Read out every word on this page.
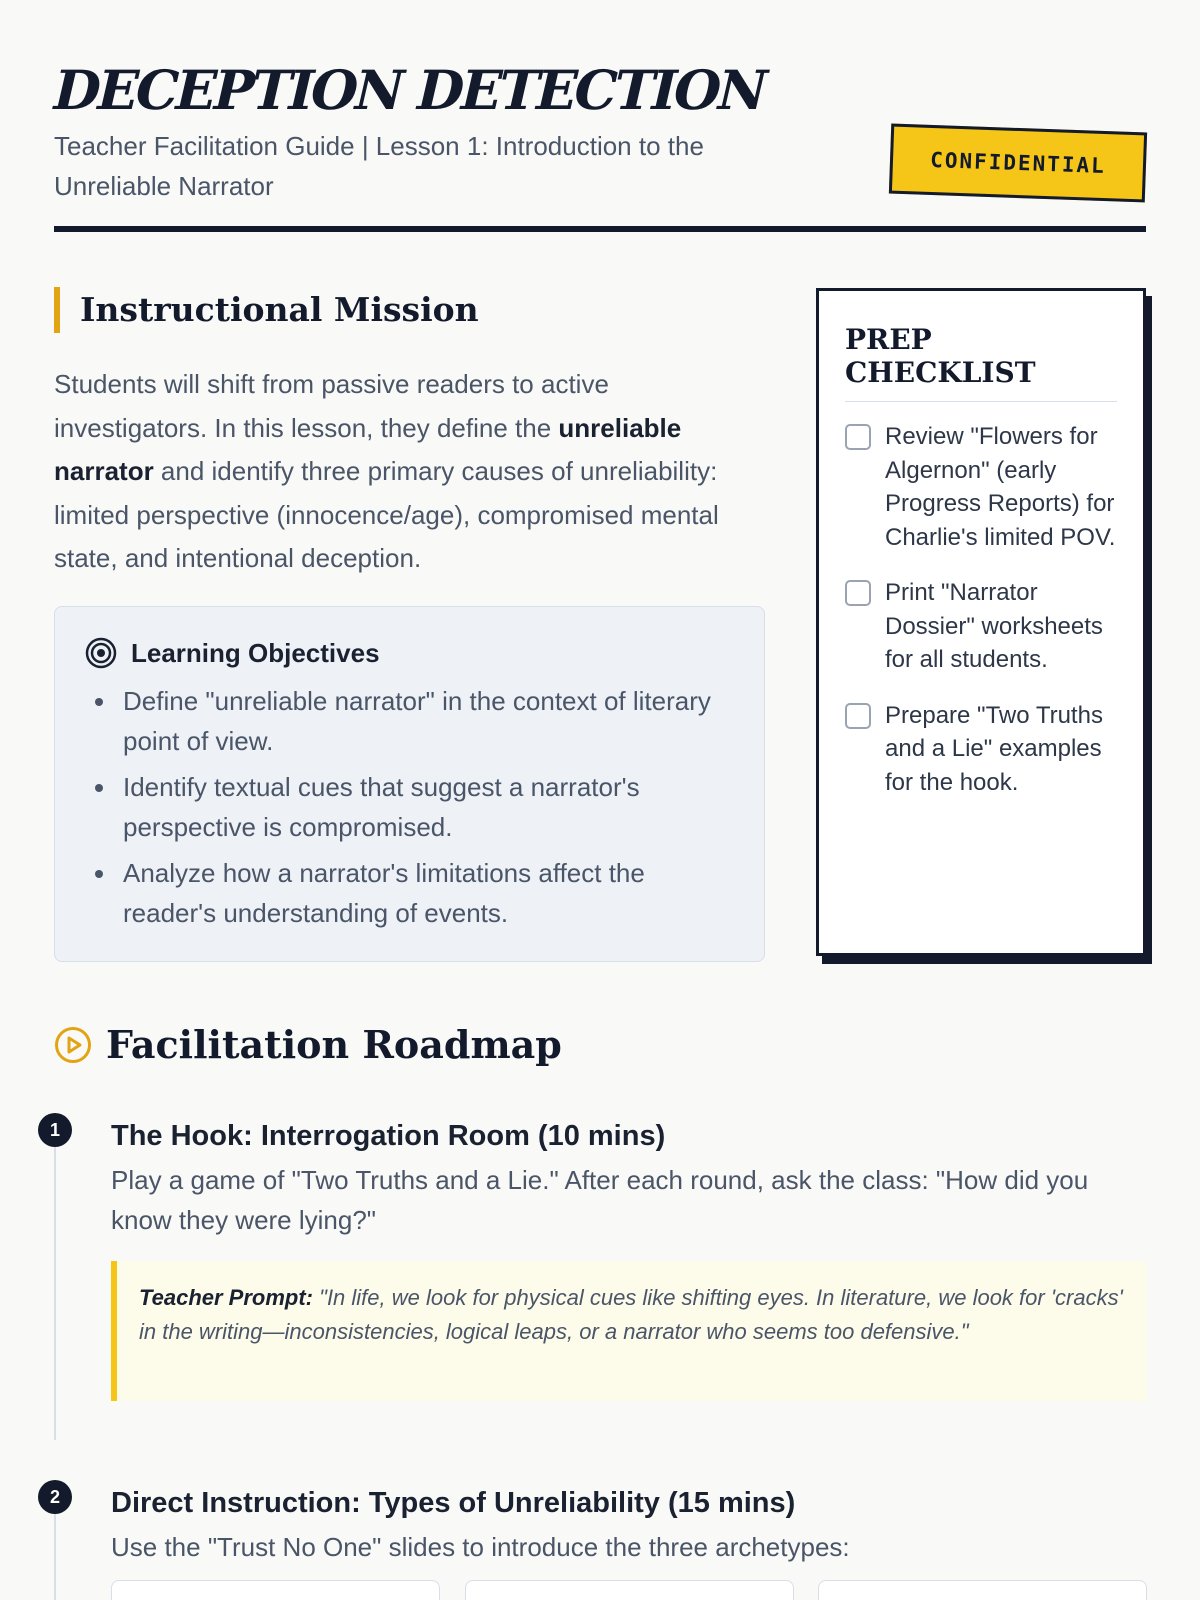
DECEPTION DETECTION

Teacher Facilitation Guide | Lesson 1: Introduction to the Unreliable Narrator

CONFIDENTIAL
Instructional Mission

Students will shift from passive readers to active investigators. In this lesson, they define the unreliable narrator and identify three primary causes of unreliability: limited perspective (innocence/age), compromised mental state, and intentional deception.

Learning Objectives
Define "unreliable narrator" in the context of literary point of view.
Identify textual cues that suggest a narrator's perspective is compromised.
Analyze how a narrator's limitations affect the reader's understanding of events.
PREP CHECKLIST
Review "Flowers for Algernon" (early Progress Reports) for Charlie's limited POV.
Print "Narrator Dossier" worksheets for all students.
Prepare "Two Truths and a Lie" examples for the hook.
Facilitation Roadmap
1	The Hook: Interrogation Room (10 mins)

Play a game of "Two Truths and a Lie." After each round, ask the class: "How did you know they were lying?"

Teacher Prompt: "In life, we look for physical cues like shifting eyes. In literature, we look for 'cracks' in the writing—inconsistencies, logical leaps, or a narrator who seems too defensive."
2	Direct Instruction: Types of Unreliability (15 mins)

Use the "Trust No One" slides to introduce the three archetypes:
